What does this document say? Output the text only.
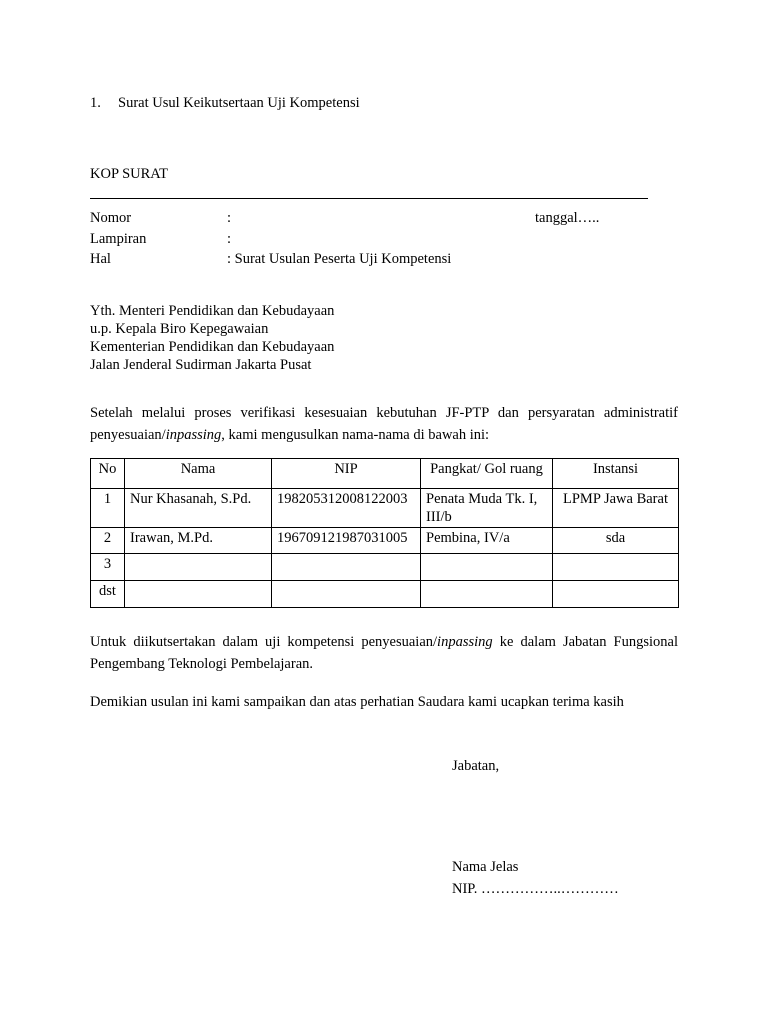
1. Surat Usul Keikutsertaan Uji Kompetensi
KOP SURAT
Nomor	:	tanggal…..
Lampiran	:
Hal	: Surat Usulan Peserta Uji Kompetensi
Yth. Menteri Pendidikan dan Kebudayaan
u.p. Kepala Biro Kepegawaian
Kementerian Pendidikan dan Kebudayaan
Jalan Jenderal Sudirman Jakarta Pusat
Setelah melalui proses verifikasi kesesuaian kebutuhan JF-PTP dan persyaratan administratif
penyesuaian/inpassing, kami mengusulkan nama-nama di bawah ini:
No	Nama	NIP	Pangkat/ Gol ruang	Instansi
1	Nur Khasanah, S.Pd.	198205312008122003	Penata Muda Tk. I, III/b	LPMP Jawa Barat
2	Irawan, M.Pd.	196709121987031005	Pembina, IV/a	sda
3				
dst				
Untuk diikutsertakan dalam uji kompetensi penyesuaian/inpassing ke dalam Jabatan Fungsional Pengembang Teknologi Pembelajaran.
Demikian usulan ini kami sampaikan dan atas perhatian Saudara kami ucapkan terima kasih
Jabatan,
Nama Jelas
NIP. ……………..…………
